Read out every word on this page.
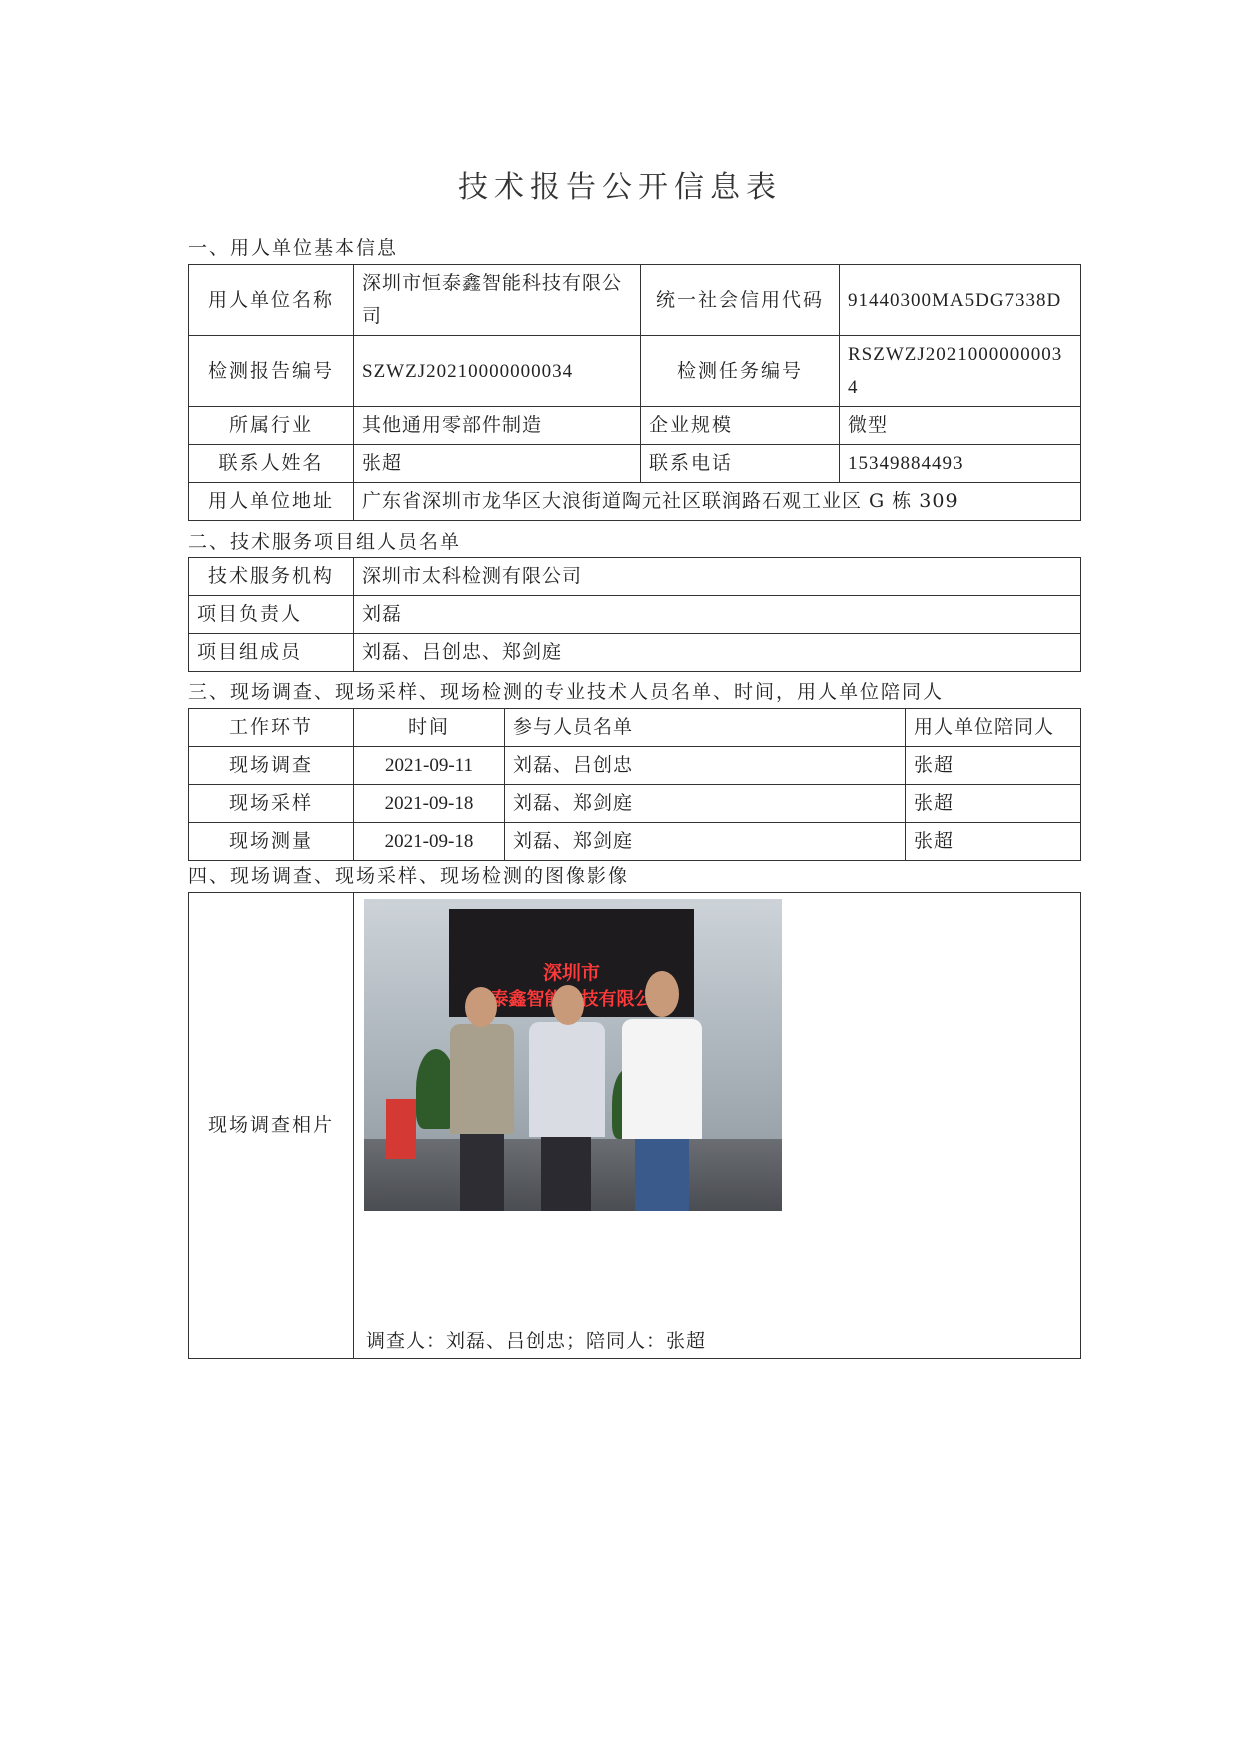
技术报告公开信息表
一、用人单位基本信息
用人单位名称	深圳市恒泰鑫智能科技有限公司	统一社会信用代码	91440300MA5DG7338D
检测报告编号	SZWZJ20210000000034	检测任务编号	RSZWZJ20210000000034
所属行业	其他通用零部件制造	企业规模	微型
联系人姓名	张超	联系电话	15349884493
用人单位地址	广东省深圳市龙华区大浪街道陶元社区联润路石观工业区 G 栋 309		
二、技术服务项目组人员名单
技术服务机构	深圳市太科检测有限公司
项目负责人	刘磊
项目组成员	刘磊、吕创忠、郑剑庭
三、现场调查、现场采样、现场检测的专业技术人员名单、时间，用人单位陪同人
工作环节	时间	参与人员名单	用人单位陪同人
现场调查	2021-09-11	刘磊、吕创忠	张超
现场采样	2021-09-18	刘磊、郑剑庭	张超
现场测量	2021-09-18	刘磊、郑剑庭	张超
四、现场调查、现场采样、现场检测的图像影像
现场调查相片	
深圳市
调查人：刘磊、吕创忠；陪同人：张超
